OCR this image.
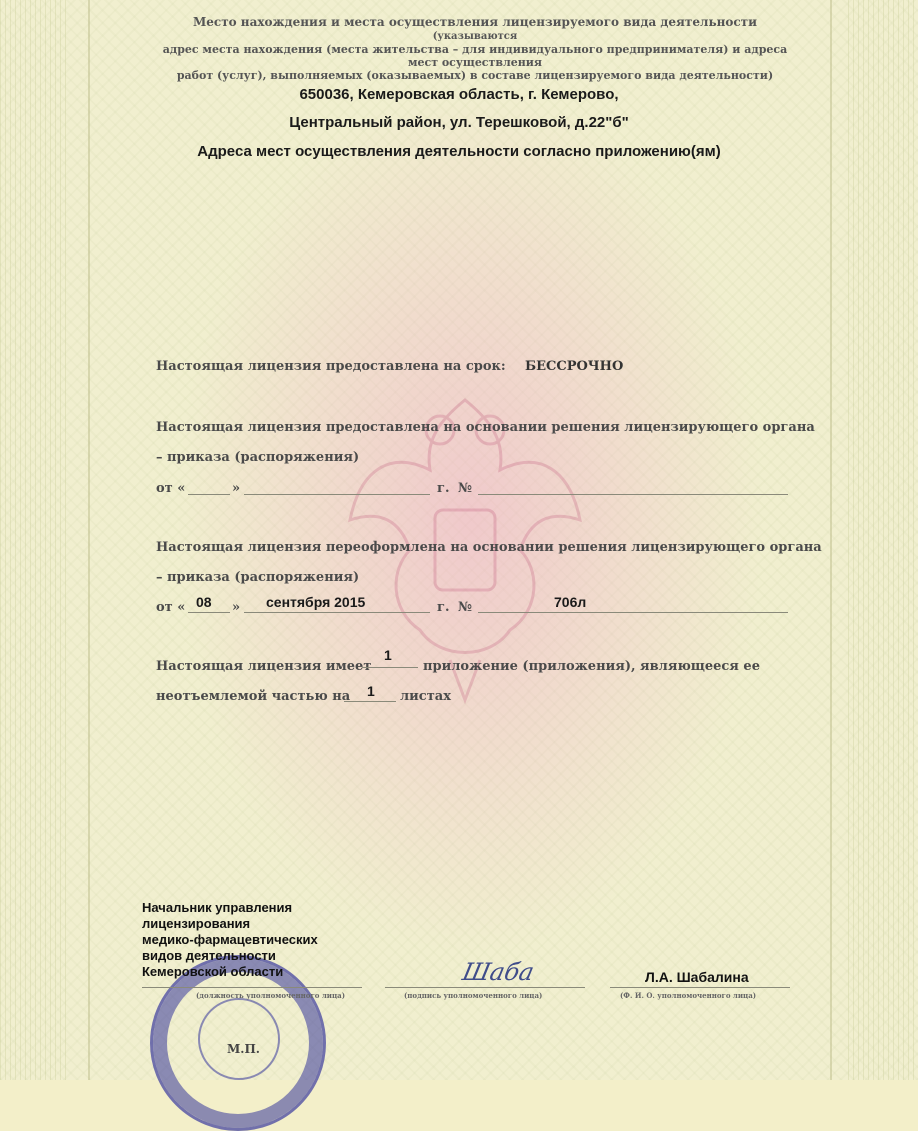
Место нахождения и места осуществления лицензируемого вида деятельности (указываются
адрес места нахождения (места жительства – для индивидуального предпринимателя) и адреса мест осуществления
работ (услуг), выполняемых (оказываемых) в составе лицензируемого вида деятельности)
650036, Кемеровская область, г. Кемерово,
Центральный район, ул. Терешковой, д.22"б"
Адреса мест осуществления деятельности согласно приложению(ям)
Настоящая лицензия предоставлена на срок: БЕССРОЧНО
Настоящая лицензия предоставлена на основании решения лицензирующего органа
– приказа (распоряжения)
от «	»	г. №
Настоящая лицензия переоформлена на основании решения лицензирующего органа
– приказа (распоряжения)
от « 08 » сентября 2015	г. №	706л
Настоящая лицензия имеет
1
приложение (приложения), являющееся ее
неотъемлемой частью на 1 листах
М.П.
Начальник управления
лицензирования
медико-фармацевтических
видов деятельности
Кемеровской области
(должность уполномоченного лица)
Шаба
(подпись уполномоченного лица)
Л.А. Шабалина
(Ф. И. О. уполномоченного лица)
